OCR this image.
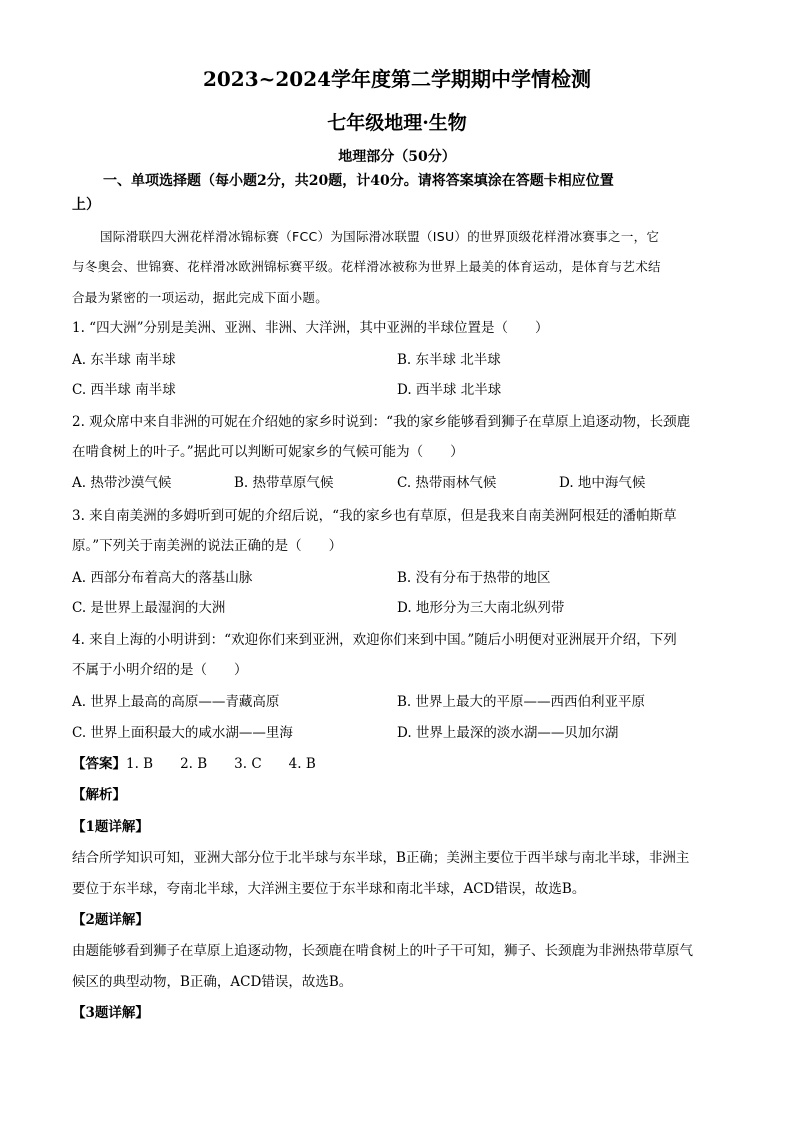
2023~2024学年度第二学期期中学情检测
七年级地理·生物
地理部分（50分）
一、单项选择题（每小题2分，共20题，计40分。请将答案填涂在答题卡相应位置
上）
国际滑联四大洲花样滑冰锦标赛（FCC）为国际滑冰联盟（ISU）的世界顶级花样滑冰赛事之一，它
与冬奥会、世锦赛、花样滑冰欧洲锦标赛平级。花样滑冰被称为世界上最美的体育运动，是体育与艺术结
合最为紧密的一项运动，据此完成下面小题。
1. “四大洲”分别是美洲、亚洲、非洲、大洋洲，其中亚洲的半球位置是（　　）
A. 东半球 南半球	B. 东半球 北半球
C. 西半球 南半球	D. 西半球 北半球
2. 观众席中来自非洲的可妮在介绍她的家乡时说到：“我的家乡能够看到狮子在草原上追逐动物，长颈鹿
在啃食树上的叶子。”据此可以判断可妮家乡的气候可能为（　　）
A. 热带沙漠气候	B. 热带草原气候	C. 热带雨林气候	D. 地中海气候
3. 来自南美洲的多姆听到可妮的介绍后说，“我的家乡也有草原，但是我来自南美洲阿根廷的潘帕斯草
原。”下列关于南美洲的说法正确的是（　　）
A. 西部分布着高大的落基山脉	B. 没有分布于热带的地区
C. 是世界上最湿润的大洲	D. 地形分为三大南北纵列带
4. 来自上海的小明讲到：“欢迎你们来到亚洲，欢迎你们来到中国。”随后小明便对亚洲展开介绍，下列
不属于小明介绍的是（　　）
A. 世界上最高的高原——青藏高原	B. 世界上最大的平原——西西伯利亚平原
C. 世界上面积最大的咸水湖——里海	D. 世界上最深的淡水湖——贝加尔湖
【答案】1. B　　2. B　　3. C　　4. B
【解析】
【1题详解】
结合所学知识可知，亚洲大部分位于北半球与东半球，B正确；美洲主要位于西半球与南北半球，非洲主
要位于东半球，夸南北半球，大洋洲主要位于东半球和南北半球，ACD错误，故选B。
【2题详解】
由题能够看到狮子在草原上追逐动物，长颈鹿在啃食树上的叶子干可知，狮子、长颈鹿为非洲热带草原气
候区的典型动物，B正确，ACD错误，故选B。
【3题详解】
